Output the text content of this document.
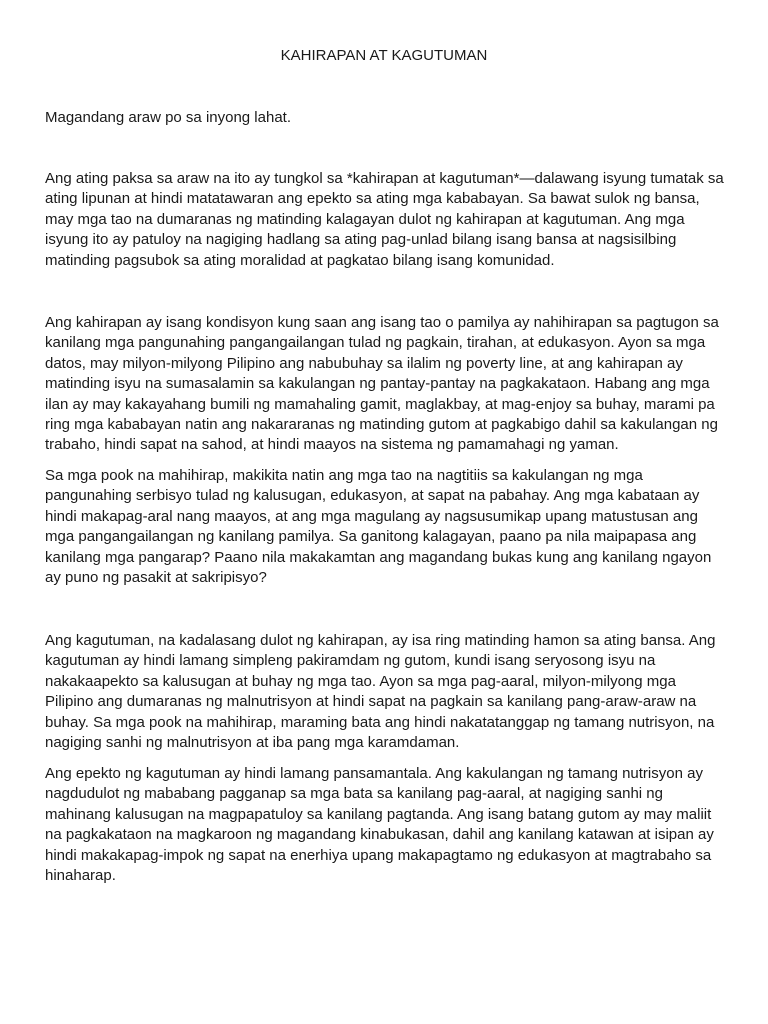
KAHIRAPAN AT KAGUTUMAN

Magandang araw po sa inyong lahat.

Ang ating paksa sa araw na ito ay tungkol sa *kahirapan at kagutuman*—dalawang isyung tumatak sa ating lipunan at hindi matatawaran ang epekto sa ating mga kababayan. Sa bawat sulok ng bansa, may mga tao na dumaranas ng matinding kalagayan dulot ng kahirapan at kagutuman. Ang mga isyung ito ay patuloy na nagiging hadlang sa ating pag-unlad bilang isang bansa at nagsisilbing matinding pagsubok sa ating moralidad at pagkatao bilang isang komunidad.

Ang kahirapan ay isang kondisyon kung saan ang isang tao o pamilya ay nahihirapan sa pagtugon sa kanilang mga pangunahing pangangailangan tulad ng pagkain, tirahan, at edukasyon. Ayon sa mga datos, may milyon-milyong Pilipino ang nabubuhay sa ilalim ng poverty line, at ang kahirapan ay matinding isyu na sumasalamin sa kakulangan ng pantay-pantay na pagkakataon. Habang ang mga ilan ay may kakayahang bumili ng mamahaling gamit, maglakbay, at mag-enjoy sa buhay, marami pa ring mga kababayan natin ang nakararanas ng matinding gutom at pagkabigo dahil sa kakulangan ng trabaho, hindi sapat na sahod, at hindi maayos na sistema ng pamamahagi ng yaman.

Sa mga pook na mahihirap, makikita natin ang mga tao na nagtitiis sa kakulangan ng mga pangunahing serbisyo tulad ng kalusugan, edukasyon, at sapat na pabahay. Ang mga kabataan ay hindi makapag-aral nang maayos, at ang mga magulang ay nagsusumikap upang matustusan ang mga pangangailangan ng kanilang pamilya. Sa ganitong kalagayan, paano pa nila maipapasa ang kanilang mga pangarap? Paano nila makakamtan ang magandang bukas kung ang kanilang ngayon ay puno ng pasakit at sakripisyo?

Ang kagutuman, na kadalasang dulot ng kahirapan, ay isa ring matinding hamon sa ating bansa. Ang kagutuman ay hindi lamang simpleng pakiramdam ng gutom, kundi isang seryosong isyu na nakakaapekto sa kalusugan at buhay ng mga tao. Ayon sa mga pag-aaral, milyon-milyong mga Pilipino ang dumaranas ng malnutrisyon at hindi sapat na pagkain sa kanilang pang-araw-araw na buhay. Sa mga pook na mahihirap, maraming bata ang hindi nakatatanggap ng tamang nutrisyon, na nagiging sanhi ng malnutrisyon at iba pang mga karamdaman.

Ang epekto ng kagutuman ay hindi lamang pansamantala. Ang kakulangan ng tamang nutrisyon ay nagdudulot ng mababang pagganap sa mga bata sa kanilang pag-aaral, at nagiging sanhi ng mahinang kalusugan na magpapatuloy sa kanilang pagtanda. Ang isang batang gutom ay may maliit na pagkakataon na magkaroon ng magandang kinabukasan, dahil ang kanilang katawan at isipan ay hindi makakapag-impok ng sapat na enerhiya upang makapagtamo ng edukasyon at magtrabaho sa hinaharap.
